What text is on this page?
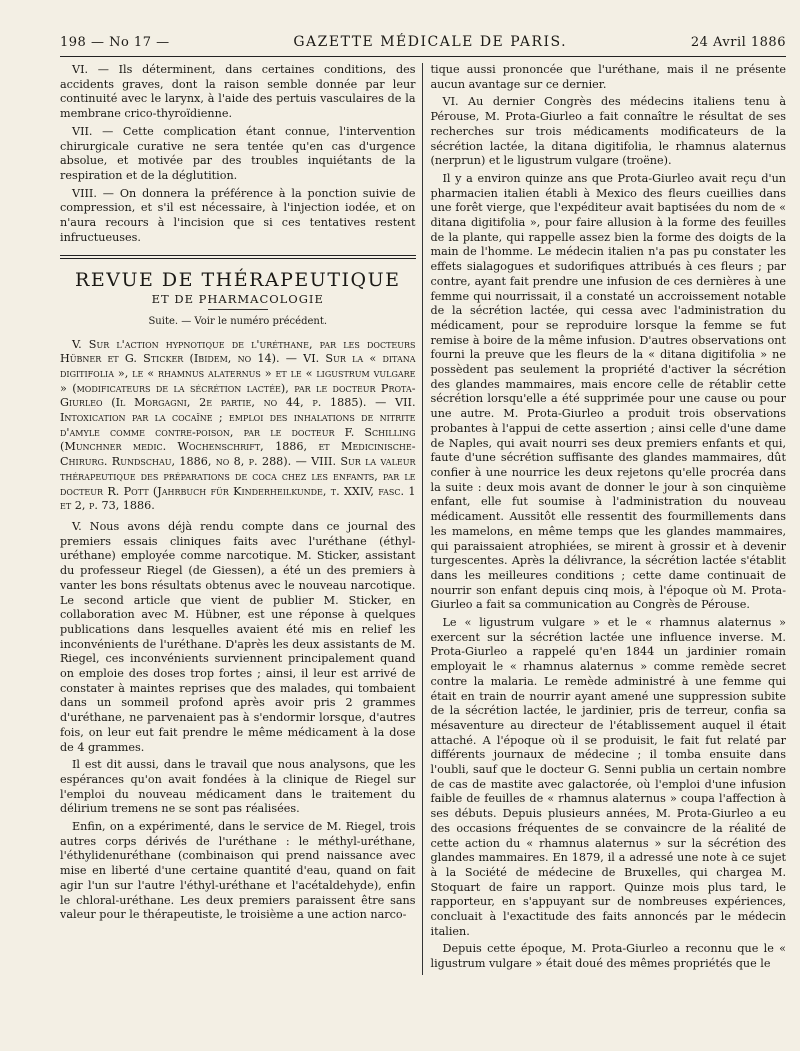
198 — No 17 —	GAZETTE MÉDICALE DE PARIS.	24 Avril 1886

VI. — Ils déterminent, dans certaines conditions, des accidents graves, dont la raison semble donnée par leur continuité avec le larynx, à l'aide des pertuis vasculaires de la membrane crico-thyroïdienne.

VII. — Cette complication étant connue, l'intervention chirurgicale curative ne sera tentée qu'en cas d'urgence absolue, et motivée par des troubles inquiétants de la respiration et de la déglutition.

VIII. — On donnera la préférence à la ponction suivie de compression, et s'il est nécessaire, à l'injection iodée, et on n'aura recours à l'incision que si ces tentatives restent infructueuses.

REVUE DE THÉRAPEUTIQUE
ET DE PHARMACOLOGIE
Suite. — Voir le numéro précédent.

V. Sur l'action hypnotique de l'uréthane, par les docteurs Hübner et G. Sticker (Ibidem, no 14). — VI. Sur la « ditana digitifolia », le « rhamnus alaternus » et le « ligustrum vulgare » (modificateurs de la sécrétion lactée), par le docteur Prota-Giurleo (Il Morgagni, 2e partie, no 44, p. 1885). — VII. Intoxication par la cocaïne ; emploi des inhalations de nitrite d'amyle comme contre-poison, par le docteur F. Schilling (Munchner medic. Wochenschrift, 1886, et Medicinische-Chirurg. Rundschau, 1886, no 8, p. 288). — VIII. Sur la valeur thérapeutique des préparations de coca chez les enfants, par le docteur R. Pott (Jahrbuch für Kinderheilkunde, t. XXIV, fasc. 1 et 2, p. 73, 1886.

V. Nous avons déjà rendu compte dans ce journal des premiers essais cliniques faits avec l'uréthane (éthyl-uréthane) employée comme narcotique. M. Sticker, assistant du professeur Riegel (de Giessen), a été un des premiers à vanter les bons résultats obtenus avec le nouveau narcotique. Le second article que vient de publier M. Sticker, en collaboration avec M. Hübner, est une réponse à quelques publications dans lesquelles avaient été mis en relief les inconvénients de l'uréthane. D'après les deux assistants de M. Riegel, ces inconvénients surviennent principalement quand on emploie des doses trop fortes ; ainsi, il leur est arrivé de constater à maintes reprises que des malades, qui tombaient dans un sommeil profond après avoir pris 2 grammes d'uréthane, ne parvenaient pas à s'endormir lorsque, d'autres fois, on leur eut fait prendre le même médicament à la dose de 4 grammes.

Il est dit aussi, dans le travail que nous analysons, que les espérances qu'on avait fondées à la clinique de Riegel sur l'emploi du nouveau médicament dans le traitement du délirium tremens ne se sont pas réalisées.

Enfin, on a expérimenté, dans le service de M. Riegel, trois autres corps dérivés de l'uréthane : le méthyl-uréthane, l'éthylidenuréthane (combinaison qui prend naissance avec mise en liberté d'une certaine quantité d'eau, quand on fait agir l'un sur l'autre l'éthyl-uréthane et l'acétaldehyde), enfin le chloral-uréthane. Les deux premiers paraissent être sans valeur pour le thérapeutiste, le troisième a une action narco-

tique aussi prononcée que l'uréthane, mais il ne présente aucun avantage sur ce dernier.

VI. Au dernier Congrès des médecins italiens tenu à Pérouse, M. Prota-Giurleo a fait connaître le résultat de ses recherches sur trois médicaments modificateurs de la sécrétion lactée, la ditana digitifolia, le rhamnus alaternus (nerprun) et le ligustrum vulgare (troëne).

Il y a environ quinze ans que Prota-Giurleo avait reçu d'un pharmacien italien établi à Mexico des fleurs cueillies dans une forêt vierge, que l'expéditeur avait baptisées du nom de « ditana digitifolia », pour faire allusion à la forme des feuilles de la plante, qui rappelle assez bien la forme des doigts de la main de l'homme. Le médecin italien n'a pas pu constater les effets sialagogues et sudorifiques attribués à ces fleurs ; par contre, ayant fait prendre une infusion de ces dernières à une femme qui nourrissait, il a constaté un accroissement notable de la sécrétion lactée, qui cessa avec l'administration du médicament, pour se reproduire lorsque la femme se fut remise à boire de la même infusion. D'autres observations ont fourni la preuve que les fleurs de la « ditana digitifolia » ne possèdent pas seulement la propriété d'activer la sécrétion des glandes mammaires, mais encore celle de rétablir cette sécrétion lorsqu'elle a été supprimée pour une cause ou pour une autre. M. Prota-Giurleo a produit trois observations probantes à l'appui de cette assertion ; ainsi celle d'une dame de Naples, qui avait nourri ses deux premiers enfants et qui, faute d'une sécrétion suffisante des glandes mammaires, dût confier à une nourrice les deux rejetons qu'elle procréa dans la suite : deux mois avant de donner le jour à son cinquième enfant, elle fut soumise à l'administration du nouveau médicament. Aussitôt elle ressentit des fourmillements dans les mamelons, en même temps que les glandes mammaires, qui paraissaient atrophiées, se mirent à grossir et à devenir turgescentes. Après la délivrance, la sécrétion lactée s'établit dans les meilleures conditions ; cette dame continuait de nourrir son enfant depuis cinq mois, à l'époque où M. Prota-Giurleo a fait sa communication au Congrès de Pérouse.

Le « ligustrum vulgare » et le « rhamnus alaternus » exercent sur la sécrétion lactée une influence inverse. M. Prota-Giurleo a rappelé qu'en 1844 un jardinier romain employait le « rhamnus alaternus » comme remède secret contre la malaria. Le remède administré à une femme qui était en train de nourrir ayant amené une suppression subite de la sécrétion lactée, le jardinier, pris de terreur, confia sa mésaventure au directeur de l'établissement auquel il était attaché. A l'époque où il se produisit, le fait fut relaté par différents journaux de médecine ; il tomba ensuite dans l'oubli, sauf que le docteur G. Senni publia un certain nombre de cas de mastite avec galactorée, où l'emploi d'une infusion faible de feuilles de « rhamnus alaternus » coupa l'affection à ses débuts. Depuis plusieurs années, M. Prota-Giurleo a eu des occasions fréquentes de se convaincre de la réalité de cette action du « rhamnus alaternus » sur la sécrétion des glandes mammaires. En 1879, il a adressé une note à ce sujet à la Société de médecine de Bruxelles, qui chargea M. Stoquart de faire un rapport. Quinze mois plus tard, le rapporteur, en s'appuyant sur de nombreuses expériences, concluait à l'exactitude des faits annoncés par le médecin italien.

Depuis cette époque, M. Prota-Giurleo a reconnu que le « ligustrum vulgare » était doué des mêmes propriétés que le
